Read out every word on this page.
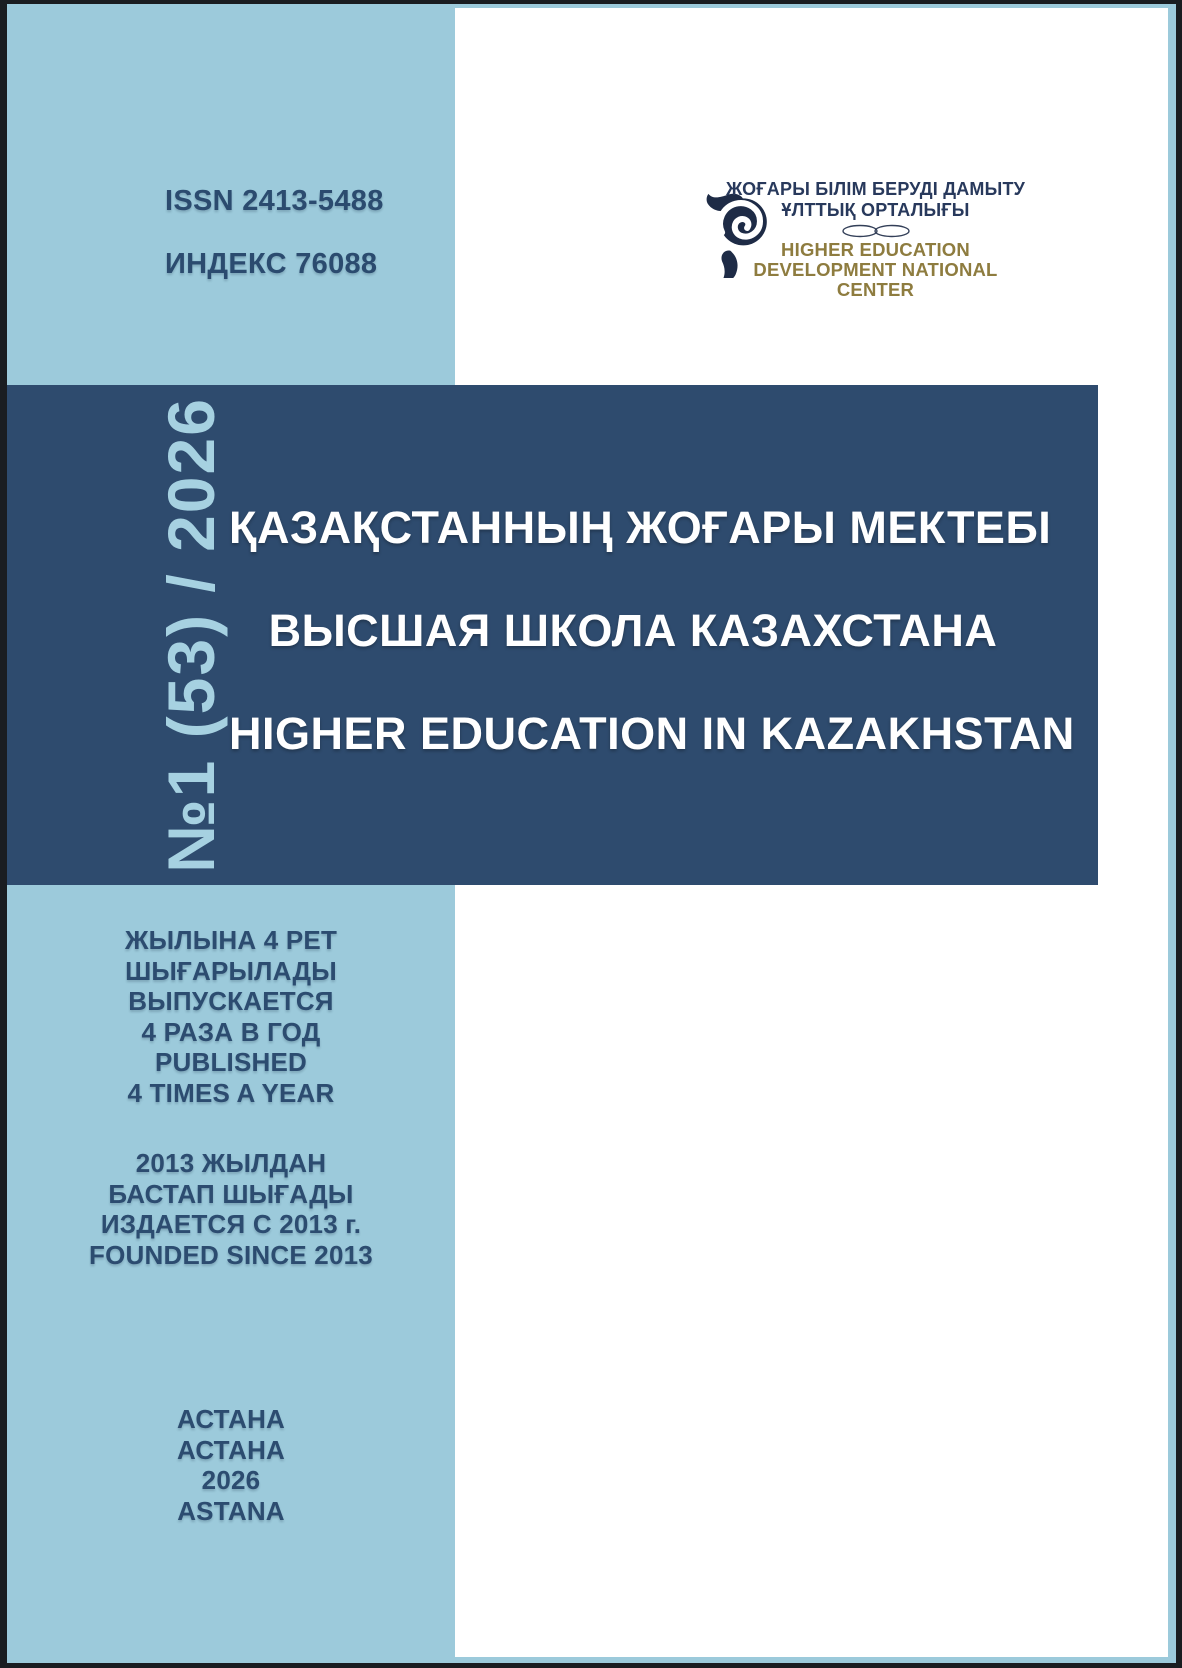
ISSN 2413-5488
ИНДЕКС 76088
ЖОҒАРЫ БІЛІМ БЕРУДІ ДАМЫТУ
ҰЛТТЫҚ ОРТАЛЫҒЫ
HIGHER EDUCATION
DEVELOPMENT NATIONAL CENTER
№1 (53) / 2026 ҚАЗАҚСТАННЫҢ ЖОҒАРЫ МЕКТЕБІ
ВЫСШАЯ ШКОЛА КАЗАХСТАНА
HIGHER EDUCATION IN KAZAKHSTAN
ЖЫЛЫНА 4 РЕТ
ШЫҒАРЫЛАДЫ
ВЫПУСКАЕТСЯ
4 РАЗА В ГОД
PUBLISHED
4 TIMES A YEAR
2013 ЖЫЛДАН
БАСТАП ШЫҒАДЫ
ИЗДАЕТСЯ С 2013 г.
FOUNDED SINCE 2013
АСТАНА
АСТАНА
2026
ASTANA
